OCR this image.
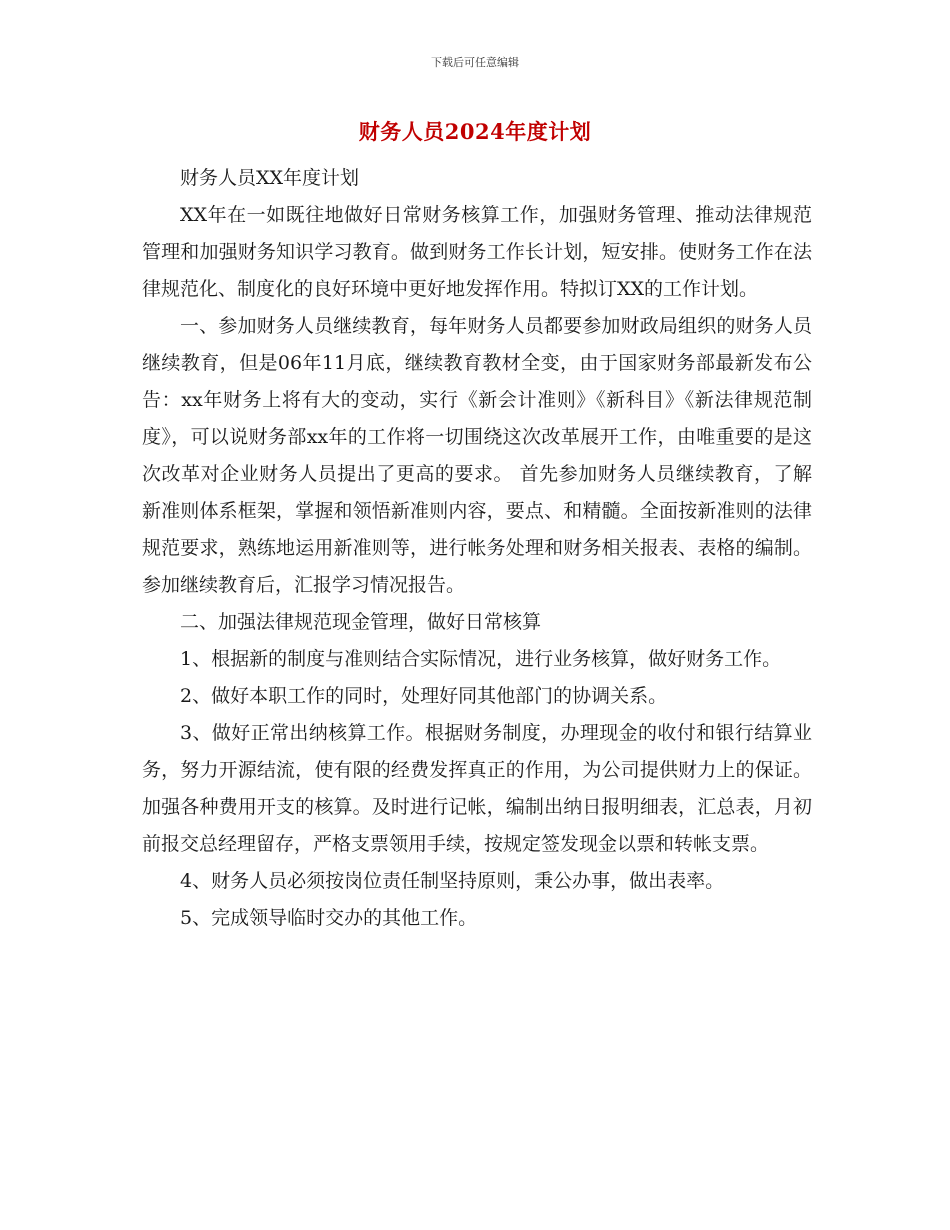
下载后可任意编辑
财务人员2024年度计划

财务人员XX年度计划

XX年在一如既往地做好日常财务核算工作，加强财务管理、推动法律规范管理和加强财务知识学习教育。做到财务工作长计划，短安排。使财务工作在法律规范化、制度化的良好环境中更好地发挥作用。特拟订XX的工作计划。

一、参加财务人员继续教育，每年财务人员都要参加财政局组织的财务人员继续教育，但是06年11月底，继续教育教材全变，由于国家财务部最新发布公告：xx年财务上将有大的变动，实行《新会计准则》《新科目》《新法律规范制度》，可以说财务部xx年的工作将一切围绕这次改革展开工作，由唯重要的是这次改革对企业财务人员提出了更高的要求。 首先参加财务人员继续教育，了解新准则体系框架，掌握和领悟新准则内容，要点、和精髓。全面按新准则的法律规范要求，熟练地运用新准则等，进行帐务处理和财务相关报表、表格的编制。 参加继续教育后，汇报学习情况报告。

二、加强法律规范现金管理，做好日常核算

1、根据新的制度与准则结合实际情况，进行业务核算，做好财务工作。

2、做好本职工作的同时，处理好同其他部门的协调关系。

3、做好正常出纳核算工作。根据财务制度，办理现金的收付和银行结算业务，努力开源结流，使有限的经费发挥真正的作用，为公司提供财力上的保证。加强各种费用开支的核算。及时进行记帐，编制出纳日报明细表，汇总表，月初前报交总经理留存，严格支票领用手续，按规定签发现金以票和转帐支票。

4、财务人员必须按岗位责任制坚持原则，秉公办事，做出表率。

5、完成领导临时交办的其他工作。
